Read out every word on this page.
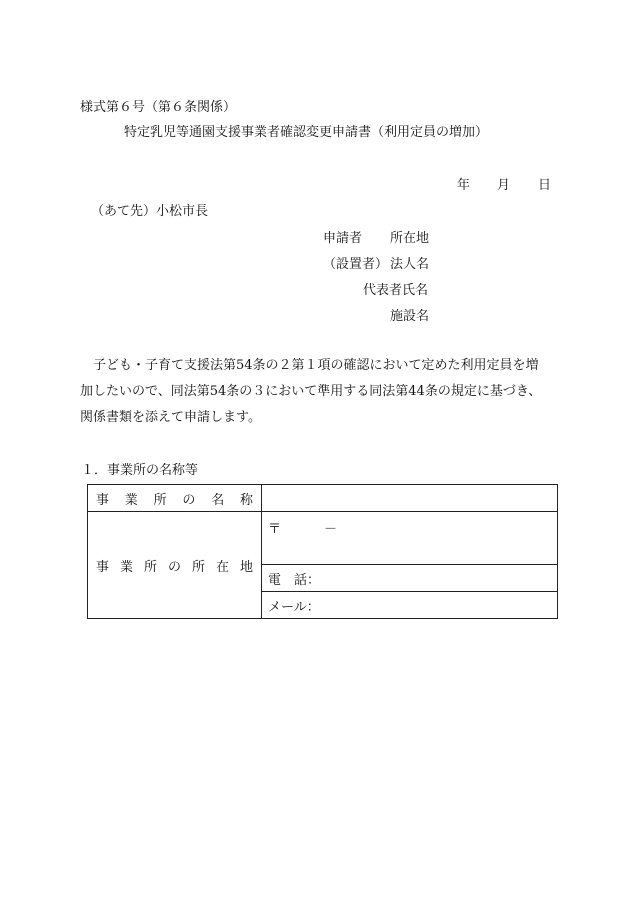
様式第６号（第６条関係）
特定乳児等通園支援事業者確認変更申請書（利用定員の増加）
年 月 日
（あて先）小松市長
申請者 所在地
（設置者） 法人名
代表者氏名
施設名
子ども・子育て支援法第54条の２第１項の確認において定めた利用定員を増
加したいので、同法第54条の３において準用する同法第44条の規定に基づき、
関係書類を添えて申請します。
１．事業所の名称等
事業所の名称	
事業所の所在地	〒 －

	電　話：
	メール：
